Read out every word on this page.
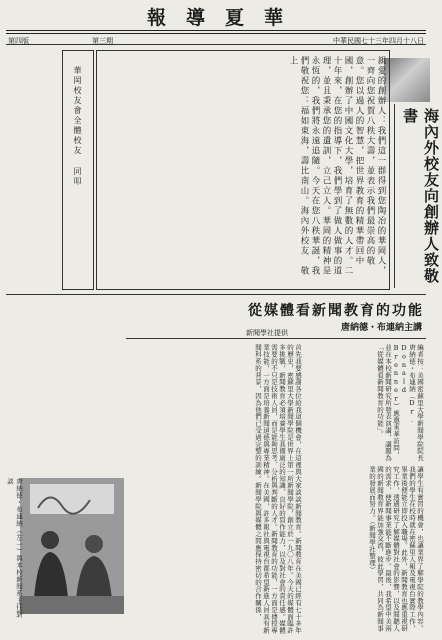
報 導 夏 華
第四版	第三期	中華民國七十三年四月十八日
海內外校友向創辦人致敬書
親愛的創辦人：我們這一群得到您陶冶的華岡人，一齊向您祝賀八秩大壽，並表示我們最崇高的敬意。您以過人的智慧，把世界教育的精華帶回中國，創辦了中國文化大學，培育了無數的人才。二十年來，在您的指導下，我們學到了做人做事的道理，並且秉承您的遺訓，立己立人。華岡的精神是永恆的，我們將永遠追隨。今天在您八秩華誕，我們敬祝您：福如東海，壽比南山。海內外校友　敬上
華岡校友會全體校友 同叩
從媒體看新聞教育的功能
唐納德・布連納主講
新聞學社提供
編者按：美國密蘇里大學新聞學院院長唐納德・布連納（Dr. Donald Brenner）應邀來華訪問，並在本校新聞研究所發表演講，講題為「從媒體看新聞教育的功能」。
首先我要感謝各位給我這個機會，在這裡與大家談談新聞教育。新聞教育在美國已經有七十多年的歷史，密蘇里大學新聞學院是世界上第一所新聞學院，創立於一九〇八年。今天的媒體面臨許多挑戰，新聞教育必須培養學生具備廣泛的知識、良好的寫作能力，以及對社會的責任感。媒體需要的不只是技術人員，而是能夠思考、分析與判斷的人才。新聞教育的功能，一方面是傳授專業技能，一方面是培養新聞道德與專業精神。在美國，許多報社與電視台都希望新進人員具有新聞科系的背景，因為他們已受過完整的訓練。新聞學院與媒體之間應保持密切的合作關係，	讓學生有實習的機會，也讓業界了解學院的教學內容。我們的學生在校時就在密蘇里人報及電視台實際工作，畢業後便能立即投入職場。此外，新聞教育也應重視研究工作，透過研究了解媒體對社會的影響，以及閱聽人的需求，使新聞事業能不斷進步。最後，我希望中美兩國的新聞教育界能加強交流，彼此學習，共同為新聞事業的發展而努力。（新聞學社整理）
唐納德・布連納（左一）與本校新聞系主任對談
